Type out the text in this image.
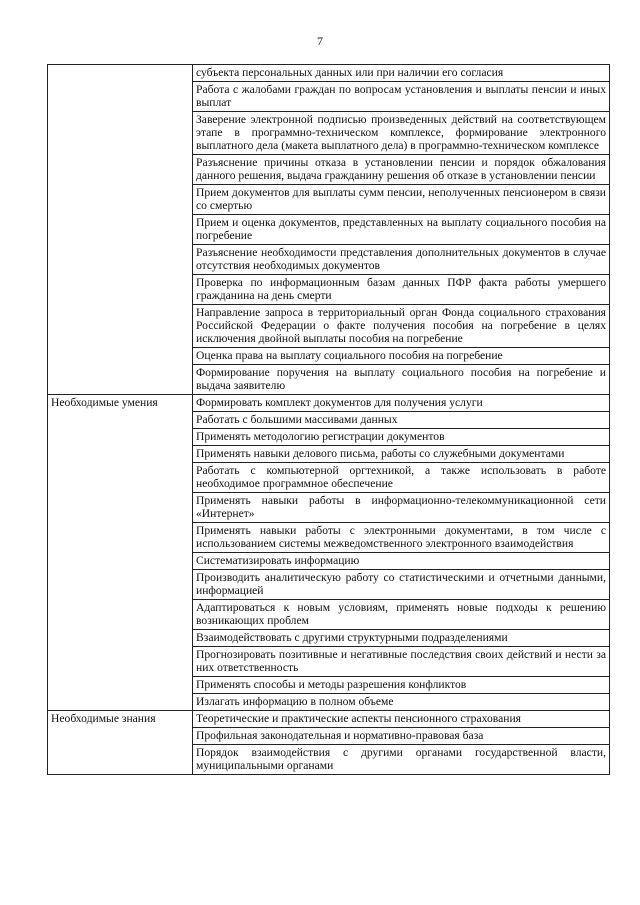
7
	субъекта персональных данных или при наличии его согласия
	Работа с жалобами граждан по вопросам установления и выплаты пенсии и иных выплат
	Заверение электронной подписью произведенных действий на соответствующем этапе в программно-техническом комплексе, формирование электронного выплатного дела (макета выплатного дела) в программно-техническом комплексе
	Разъяснение причины отказа в установлении пенсии и порядок обжалования данного решения, выдача гражданину решения об отказе в установлении пенсии
	Прием документов для выплаты сумм пенсии, неполученных пенсионером в связи со смертью
	Прием и оценка документов, представленных на выплату социального пособия на погребение
	Разъяснение необходимости представления дополнительных документов в случае отсутствия необходимых документов
	Проверка по информационным базам данных ПФР факта работы умершего гражданина на день смерти
	Направление запроса в территориальный орган Фонда социального страхования Российской Федерации о факте получения пособия на погребение в целях исключения двойной выплаты пособия на погребение
	Оценка права на выплату социального пособия на погребение
	Формирование поручения на выплату социального пособия на погребение и выдача заявителю
Необходимые умения	Формировать комплект документов для получения услуги
	Работать с большими массивами данных
	Применять методологию регистрации документов
	Применять навыки делового письма, работы со служебными документами
	Работать с компьютерной оргтехникой, а также использовать в работе необходимое программное обеспечение
	Применять навыки работы в информационно-телекоммуникационной сети «Интернет»
	Применять навыки работы с электронными документами, в том числе с использованием системы межведомственного электронного взаимодействия
	Систематизировать информацию
	Производить аналитическую работу со статистическими и отчетными данными, информацией
	Адаптироваться к новым условиям, применять новые подходы к решению возникающих проблем
	Взаимодействовать с другими структурными подразделениями
	Прогнозировать позитивные и негативные последствия своих действий и нести за них ответственность
	Применять способы и методы разрешения конфликтов
	Излагать информацию в полном объеме
Необходимые знания	Теоретические и практические аспекты пенсионного страхования
	Профильная законодательная и нормативно-правовая база
	Порядок взаимодействия с другими органами государственной власти, муниципальными органами
